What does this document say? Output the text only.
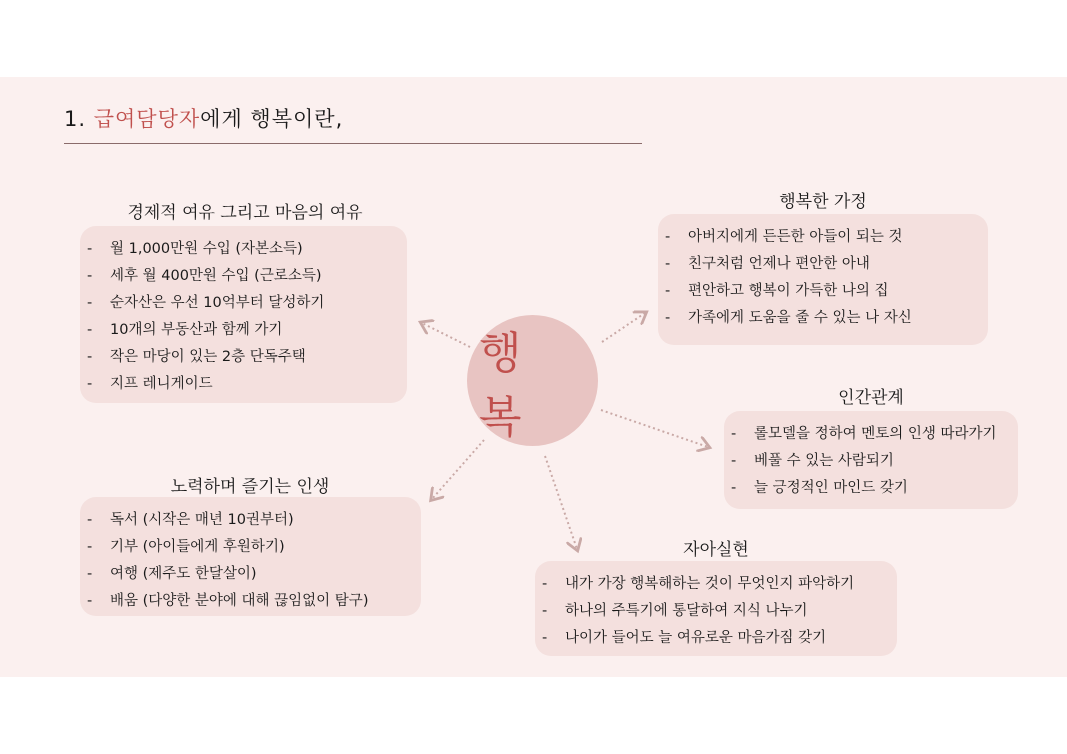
1. 급여담당자에게 행복이란,
행 복
경제적 여유 그리고 마음의 여유
- 월 1,000만원 수입 (자본소득)
- 세후 월 400만원 수입 (근로소득)
- 순자산은 우선 10억부터 달성하기
- 10개의 부동산과 함께 가기
- 작은 마당이 있는 2층 단독주택
- 지프 레니게이드
행복한 가정
- 아버지에게 든든한 아들이 되는 것
- 친구처럼 언제나 편안한 아내
- 편안하고 행복이 가득한 나의 집
- 가족에게 도움을 줄 수 있는 나 자신
인간관계
- 롤모델을 정하여 멘토의 인생 따라가기
- 베풀 수 있는 사람되기
- 늘 긍정적인 마인드 갖기
노력하며 즐기는 인생
- 독서 (시작은 매년 10권부터)
- 기부 (아이들에게 후원하기)
- 여행 (제주도 한달살이)
- 배움 (다양한 분야에 대해 끊임없이 탐구)
자아실현
- 내가 가장 행복해하는 것이 무엇인지 파악하기
- 하나의 주특기에 통달하여 지식 나누기
- 나이가 들어도 늘 여유로운 마음가짐 갖기
